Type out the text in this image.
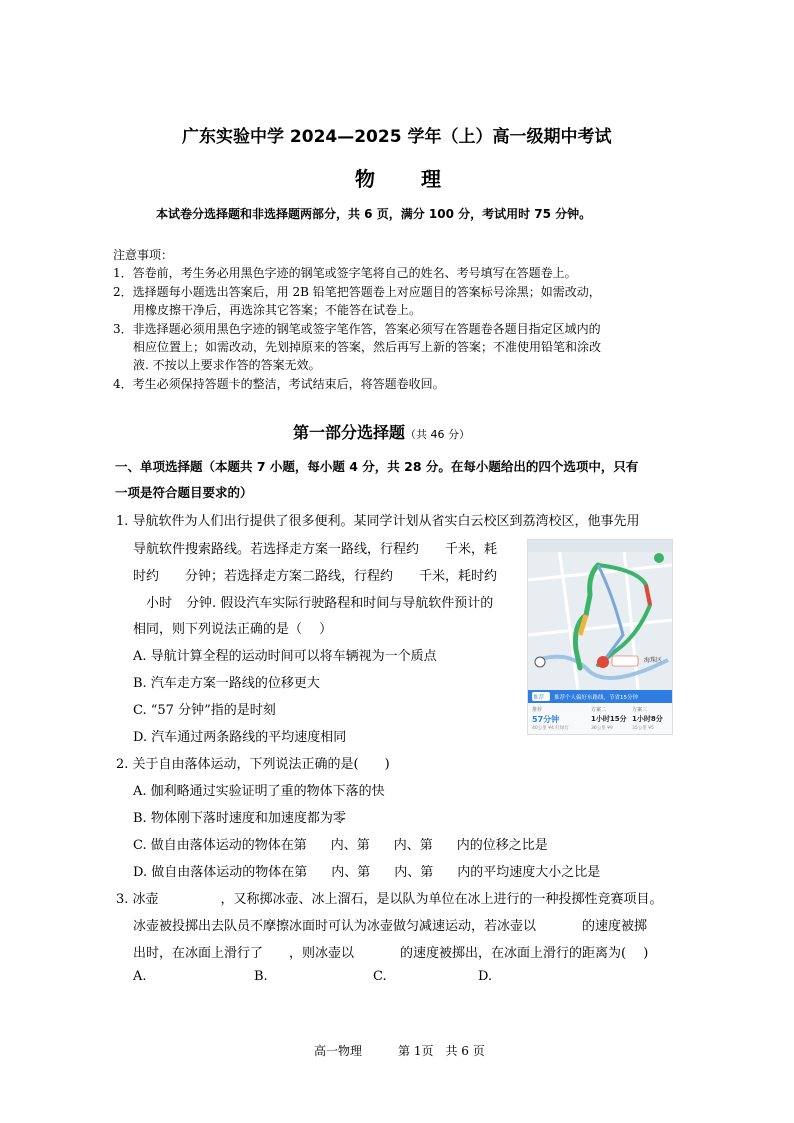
广东实验中学 2024—2025 学年（上）高一级期中考试
物 理
本试卷分选择题和非选择题两部分，共 6 页，满分 100 分，考试用时 75 分钟。
注意事项：
1．答卷前，考生务必用黑色字迹的钢笔或签字笔将自己的姓名、考号填写在答题卷上。
2．选择题每小题选出答案后，用 2B 铅笔把答题卷上对应题目的答案标号涂黑；如需改动，
用橡皮擦干净后，再选涂其它答案；不能答在试卷上。
3．非选择题必须用黑色字迹的钢笔或签字笔作答，答案必须写在答题卷各题目指定区域内的
相应位置上；如需改动，先划掉原来的答案，然后再写上新的答案；不准使用铅笔和涂改
液. 不按以上要求作答的答案无效。
4．考生必须保持答题卡的整洁，考试结束后，将答题卷收回。
第一部分选择题（共 46 分）
一、单项选择题（本题共 7 小题，每小题 4 分，共 28 分。在每小题给出的四个选项中，只有
一项是符合题目要求的）
1. 导航软件为人们出行提供了很多便利。某同学计划从省实白云校区到荔湾校区，他事先用
导航软件搜索路线。若选择走方案一路线，行程约 千米，耗
时约 分钟；若选择走方案二路线，行程约 千米，耗时约
小时 分钟. 假设汽车实际行驶路程和时间与导航软件预计的
相同，则下列说法正确的是（　 ）
A. 导航计算全程的运动时间可以将车辆视为一个质点
B. 汽车走方案一路线的位移更大
C. “57 分钟”指的是时刻
D. 汽车通过两条路线的平均速度相同
海珠区
推荐 推荐个人偏好东路线，节省15分钟
推荐
57分钟
40公里 ¥4 红绿灯
方案二
1小时15分
36公里 ¥9
方案三
1小时8分
35公里 ¥5
2. 关于自由落体运动，下列说法正确的是(　　)
A. 伽利略通过实验证明了重的物体下落的快
B. 物体刚下落时速度和加速度都为零
C. 做自由落体运动的物体在第 内、第 内、第 内的位移之比是
D. 做自由落体运动的物体在第 内、第 内、第 内的平均速度大小之比是
3. 冰壶	，又称掷冰壶、冰上溜石，是以队为单位在冰上进行的一种投掷性竞赛项目。
冰壶被投掷出去队员不摩擦冰面时可认为冰壶做匀减速运动，若冰壶以	的速度被掷
出时，在冰面上滑行了 ，则冰壶以	的速度被掷出，在冰面上滑行的距离为(　 )
A.	B.	C.	D.
高一物理	第 1页　共 6 页
